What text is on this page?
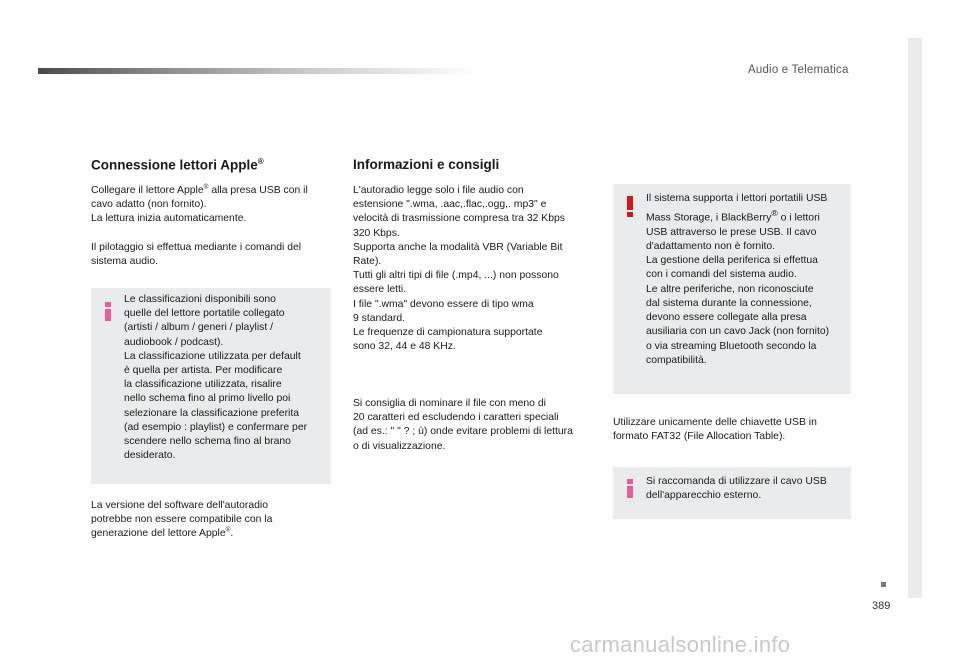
Audio e Telematica
Connessione lettori Apple®
Collegare il lettore Apple® alla presa USB con il
cavo adatto (non fornito).
La lettura inizia automaticamente.
Il pilotaggio si effettua mediante i comandi del
sistema audio.
Le classificazioni disponibili sono
quelle del lettore portatile collegato
(artisti / album / generi / playlist /
audiobook / podcast).
La classificazione utilizzata per default
è quella per artista. Per modificare
la classificazione utilizzata, risalire
nello schema fino al primo livello poi
selezionare la classificazione preferita
(ad esempio : playlist) e confermare per
scendere nello schema fino al brano
desiderato.
La versione del software dell'autoradio
potrebbe non essere compatibile con la
generazione del lettore Apple®.
Informazioni e consigli
L'autoradio legge solo i file audio con
estensione ".wma, .aac,.flac,.ogg,. mp3" e
velocità di trasmissione compresa tra 32 Kbps
320 Kbps.
Supporta anche la modalità VBR (Variable Bit
Rate).
Tutti gli altri tipi di file (.mp4, ...) non possono
essere letti.
I file ".wma" devono essere di tipo wma
9 standard.
Le frequenze di campionatura supportate
sono 32, 44 e 48 KHz.
Si consiglia di nominare il file con meno di
20 caratteri ed escludendo i caratteri speciali
(ad es.: " " ? ; ù) onde evitare problemi di lettura
o di visualizzazione.
Il sistema supporta i lettori portatili USB
Mass Storage, i BlackBerry® o i lettori
USB attraverso le prese USB. Il cavo
d'adattamento non è fornito.
La gestione della periferica si effettua
con i comandi del sistema audio.
Le altre periferiche, non riconosciute
dal sistema durante la connessione,
devono essere collegate alla presa
ausiliaria con un cavo Jack (non fornito)
o via streaming Bluetooth secondo la
compatibilità.
Utilizzare unicamente delle chiavette USB in
formato FAT32 (File Allocation Table).
Si raccomanda di utilizzare il cavo USB
dell'apparecchio esterno.
389
carmanualsonline.info
